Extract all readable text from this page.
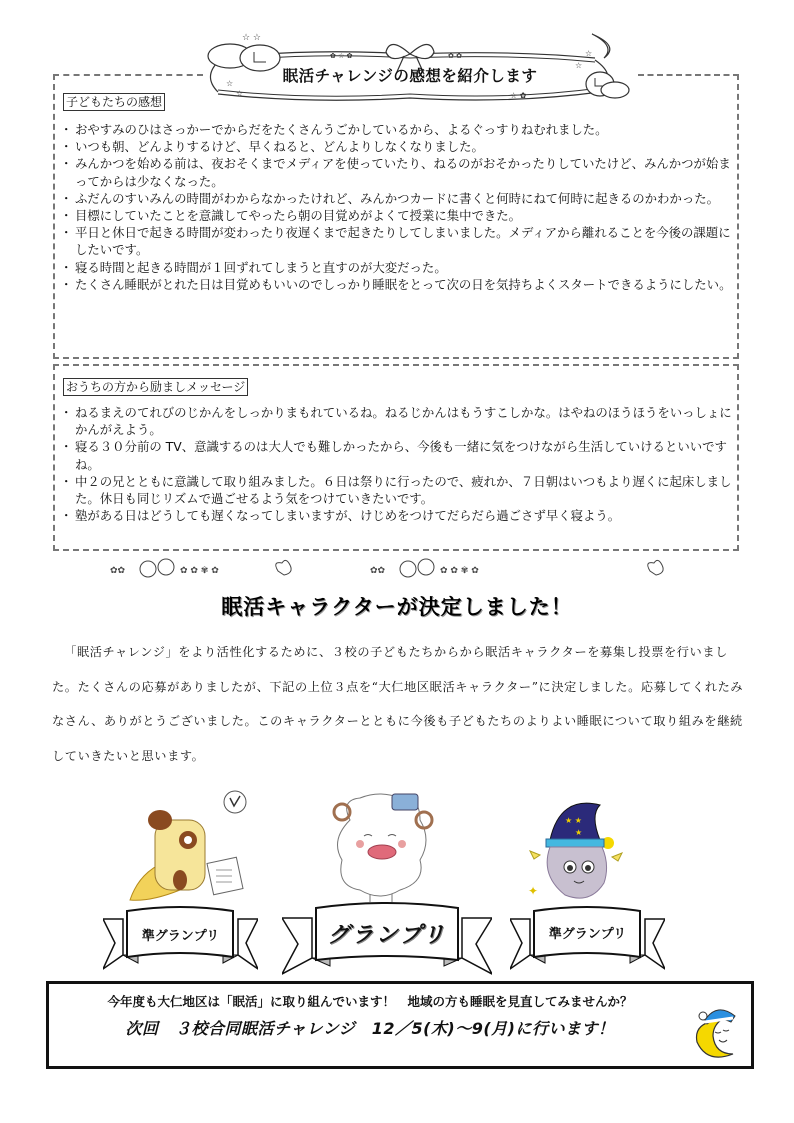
☆ ☆
☆
☆
✿ ☆ ✿	✿ ✿	☆
☆
☆ ✿
眠活チャレンジの感想を紹介します
子どもたちの感想
・ おやすみのひはさっかーでからだをたくさんうごかしているから、よるぐっすりねむれました。
・ いつも朝、どんよりするけど、早くねると、どんよりしなくなりました。
・ みんかつを始める前は、夜おそくまでメディアを使っていたり、ねるのがおそかったりしていたけど、みんかつが始まってからは少なくなった。
・ ふだんのすいみんの時間がわからなかったけれど、みんかつカードに書くと何時にねて何時に起きるのかわかった。
・ 目標にしていたことを意識してやったら朝の目覚めがよくて授業に集中できた。
・ 平日と休日で起きる時間が変わったり夜遅くまで起きたりしてしまいました。メディアから離れることを今後の課題にしたいです。
・ 寝る時間と起きる時間が１回ずれてしまうと直すのが大変だった。
・ たくさん睡眠がとれた日は目覚めもいいのでしっかり睡眠をとって次の日を気持ちよくスタートできるようにしたい。
おうちの方から励ましメッセージ
・ ねるまえのてれびのじかんをしっかりまもれているね。ねるじかんはもうすこしかな。はやねのほうほうをいっしょにかんがえよう。
・ 寝る３０分前の TV、意識するのは大人でも難しかったから、今後も一緒に気をつけながら生活していけるといいですね。
・ 中２の兄とともに意識して取り組みました。６日は祭りに行ったので、疲れか、７日朝はいつもより遅くに起床しました。休日も同じリズムで過ごせるよう気をつけていきたいです。
・ 塾がある日はどうしても遅くなってしまいますが、けじめをつけてだらだら過ごさず早く寝よう。
✿✿	✿ ✿ ✾ ✿	✿✿	✿ ✿ ✾ ✿
眠活キャラクターが決定しました！

「眠活チャレンジ」をより活性化するために、３校の子どもたちからから眠活キャラクターを募集し投票を行いました。たくさんの応募がありましたが、下記の上位３点を“大仁地区眠活キャラクター”に決定しました。応募してくれたみなさん、ありがとうございました。このキャラクターとともに今後も子どもたちのよりよい睡眠について取り組みを継続していきたいと思います。

★ ★
★
✦
準グランプリ	グランプリ	準グランプリ
今年度も大仁地区は「眠活」に取り組んでいます！　地域の方も睡眠を見直してみませんか？
次回　３校合同眠活チャレンジ　12／5(木)～9(月)に行います！
